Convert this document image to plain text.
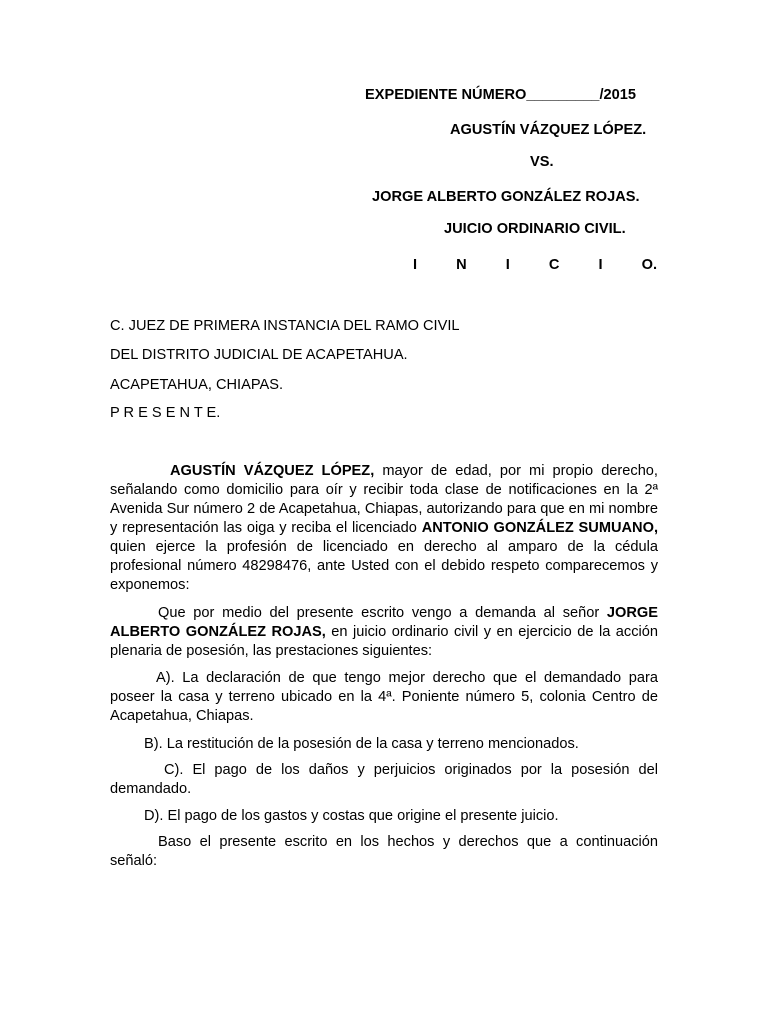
EXPEDIENTE NÚMERO_________/2015
AGUSTÍN VÁZQUEZ LÓPEZ.
VS.
JORGE ALBERTO GONZÁLEZ ROJAS.
JUICIO ORDINARIO CIVIL.
I	N	I	C	I	O.
C. JUEZ DE PRIMERA INSTANCIA DEL RAMO CIVIL
DEL DISTRITO JUDICIAL DE ACAPETAHUA.
ACAPETAHUA, CHIAPAS.
P R E S E N T E.

AGUSTÍN VÁZQUEZ LÓPEZ, mayor de edad, por mi propio derecho, señalando como domicilio para oír y recibir toda clase de notificaciones en la 2ª Avenida Sur número 2 de Acapetahua, Chiapas, autorizando para que en mi nombre y representación las oiga y reciba el licenciado ANTONIO GONZÁLEZ SUMUANO, quien ejerce la profesión de licenciado en derecho al amparo de la cédula profesional número 48298476, ante Usted con el debido respeto comparecemos y exponemos:

Que por medio del presente escrito vengo a demanda al señor JORGE ALBERTO GONZÁLEZ ROJAS, en juicio ordinario civil y en ejercicio de la acción plenaria de posesión, las prestaciones siguientes:

A). La declaración de que tengo mejor derecho que el demandado para poseer la casa y terreno ubicado en la 4ª. Poniente número 5, colonia Centro de Acapetahua, Chiapas.

B). La restitución de la posesión de la casa y terreno mencionados.

C). El pago de los daños y perjuicios originados por la posesión del demandado.

D). El pago de los gastos y costas que origine el presente juicio.

Baso el presente escrito en los hechos y derechos que a continuación señaló:
